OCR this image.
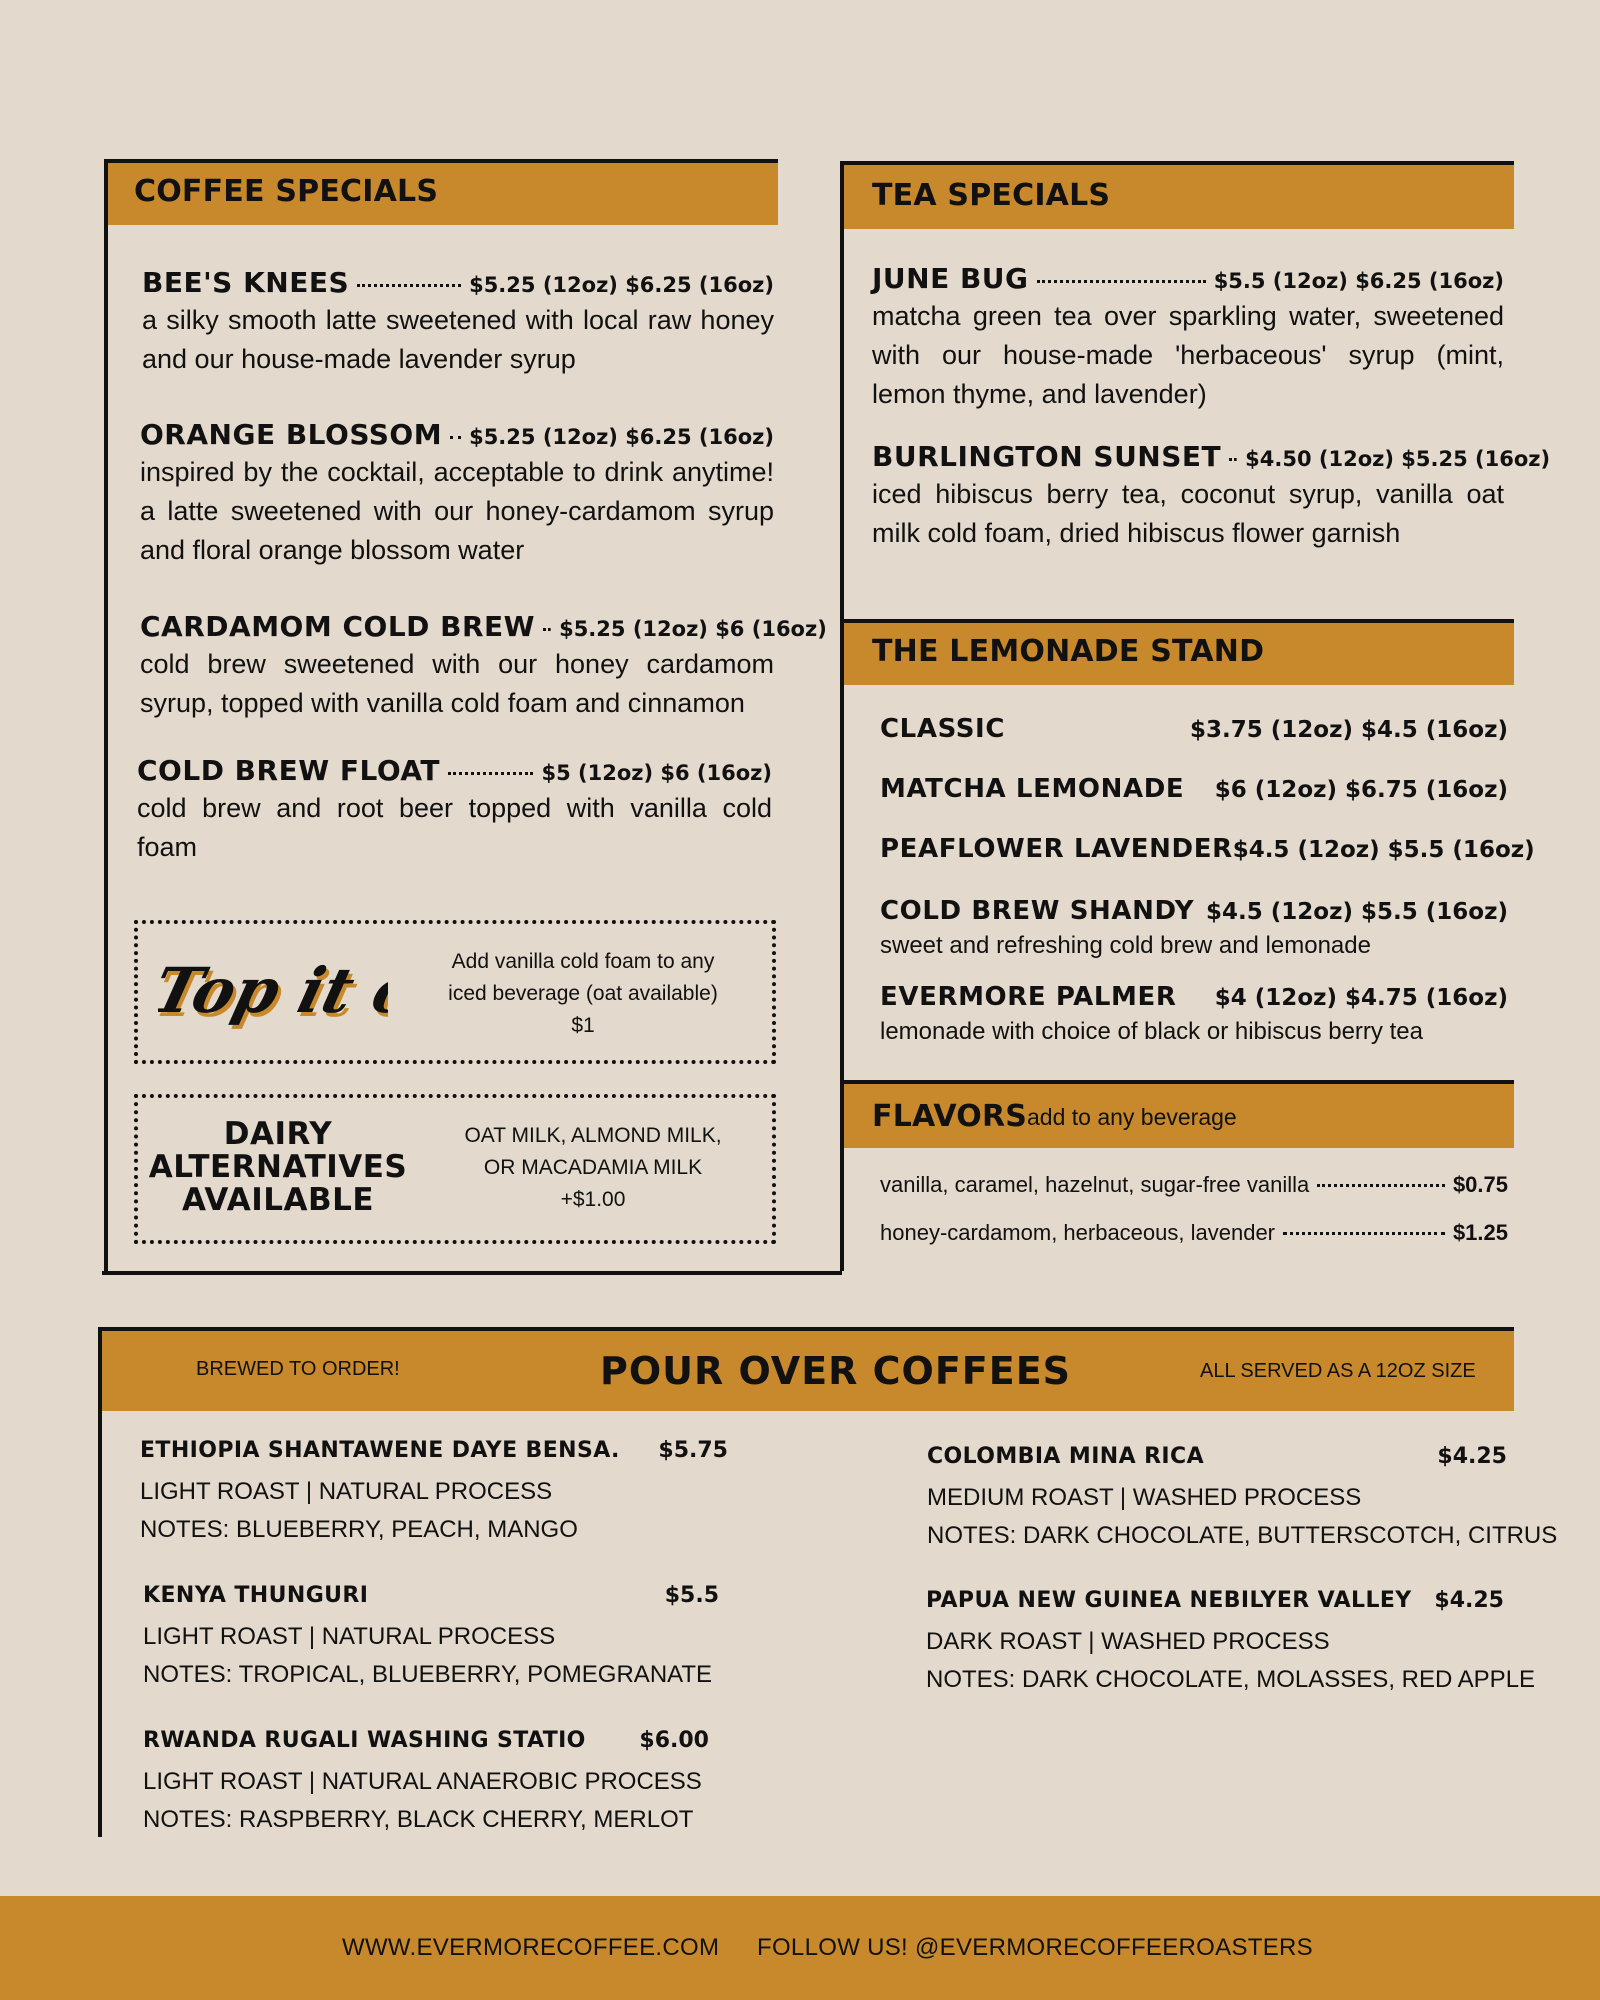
COFFEE SPECIALS
BEE'S KNEES	$5.25 (12oz) $6.25 (16oz)
a silky smooth latte sweetened with local raw honey and our house-made lavender syrup
ORANGE BLOSSOM $5.25 (12oz) $6.25 (16oz)
inspired by the cocktail, acceptable to drink anytime! a latte sweetened with our honey-cardamom syrup and floral orange blossom water
CARDAMOM COLD BREW $5.25 (12oz) $6 (16oz)
cold brew sweetened with our honey cardamom syrup, topped with vanilla cold foam and cinnamon
COLD BREW FLOAT	$5 (12oz) $6 (16oz)
cold brew and root beer topped with vanilla cold foam
Top it off!
Top it off!
Add vanilla cold foam to any
iced beverage (oat available)
$1
DAIRY
ALTERNATIVES
AVAILABLE
OAT MILK, ALMOND MILK,
OR MACADAMIA MILK
+$1.00
TEA SPECIALS
JUNE BUG	$5.5 (12oz) $6.25 (16oz)
matcha green tea over sparkling water, sweetened with our house-made 'herbaceous' syrup (mint, lemon thyme, and lavender)
BURLINGTON SUNSET $4.50 (12oz) $5.25 (16oz)
iced hibiscus berry tea, coconut syrup, vanilla oat milk cold foam, dried hibiscus flower garnish
THE LEMONADE STAND
CLASSIC	$3.75 (12oz) $4.5 (16oz)
MATCHA LEMONADE $6 (12oz) $6.75 (16oz)
PEAFLOWER LAVENDER $4.5 (12oz) $5.5 (16oz)
COLD BREW SHANDY $4.5 (12oz) $5.5 (16oz)
sweet and refreshing cold brew and lemonade
EVERMORE PALMER $4 (12oz) $4.75 (16oz)
lemonade with choice of black or hibiscus berry tea
FLAVORS add to any beverage
vanilla, caramel, hazelnut, sugar-free vanilla	$0.75
honey-cardamom, herbaceous, lavender	$1.25
BREWED TO ORDER!	POUR OVER COFFEES	ALL SERVED AS A 12OZ SIZE
ETHIOPIA SHANTAWENE DAYE BENSA. $5.75
LIGHT ROAST | NATURAL PROCESS
NOTES: BLUEBERRY, PEACH, MANGO
KENYA THUNGURI	$5.5
LIGHT ROAST | NATURAL PROCESS
NOTES: TROPICAL, BLUEBERRY, POMEGRANATE
RWANDA RUGALI WASHING STATIO $6.00
LIGHT ROAST | NATURAL ANAEROBIC PROCESS
NOTES: RASPBERRY, BLACK CHERRY, MERLOT
COLOMBIA MINA RICA	$4.25
MEDIUM ROAST | WASHED PROCESS
NOTES: DARK CHOCOLATE, BUTTERSCOTCH, CITRUS
PAPUA NEW GUINEA NEBILYER VALLEY $4.25
DARK ROAST | WASHED PROCESS
NOTES: DARK CHOCOLATE, MOLASSES, RED APPLE
WWW.EVERMORECOFFEE.COM FOLLOW US! @EVERMORECOFFEEROASTERS
